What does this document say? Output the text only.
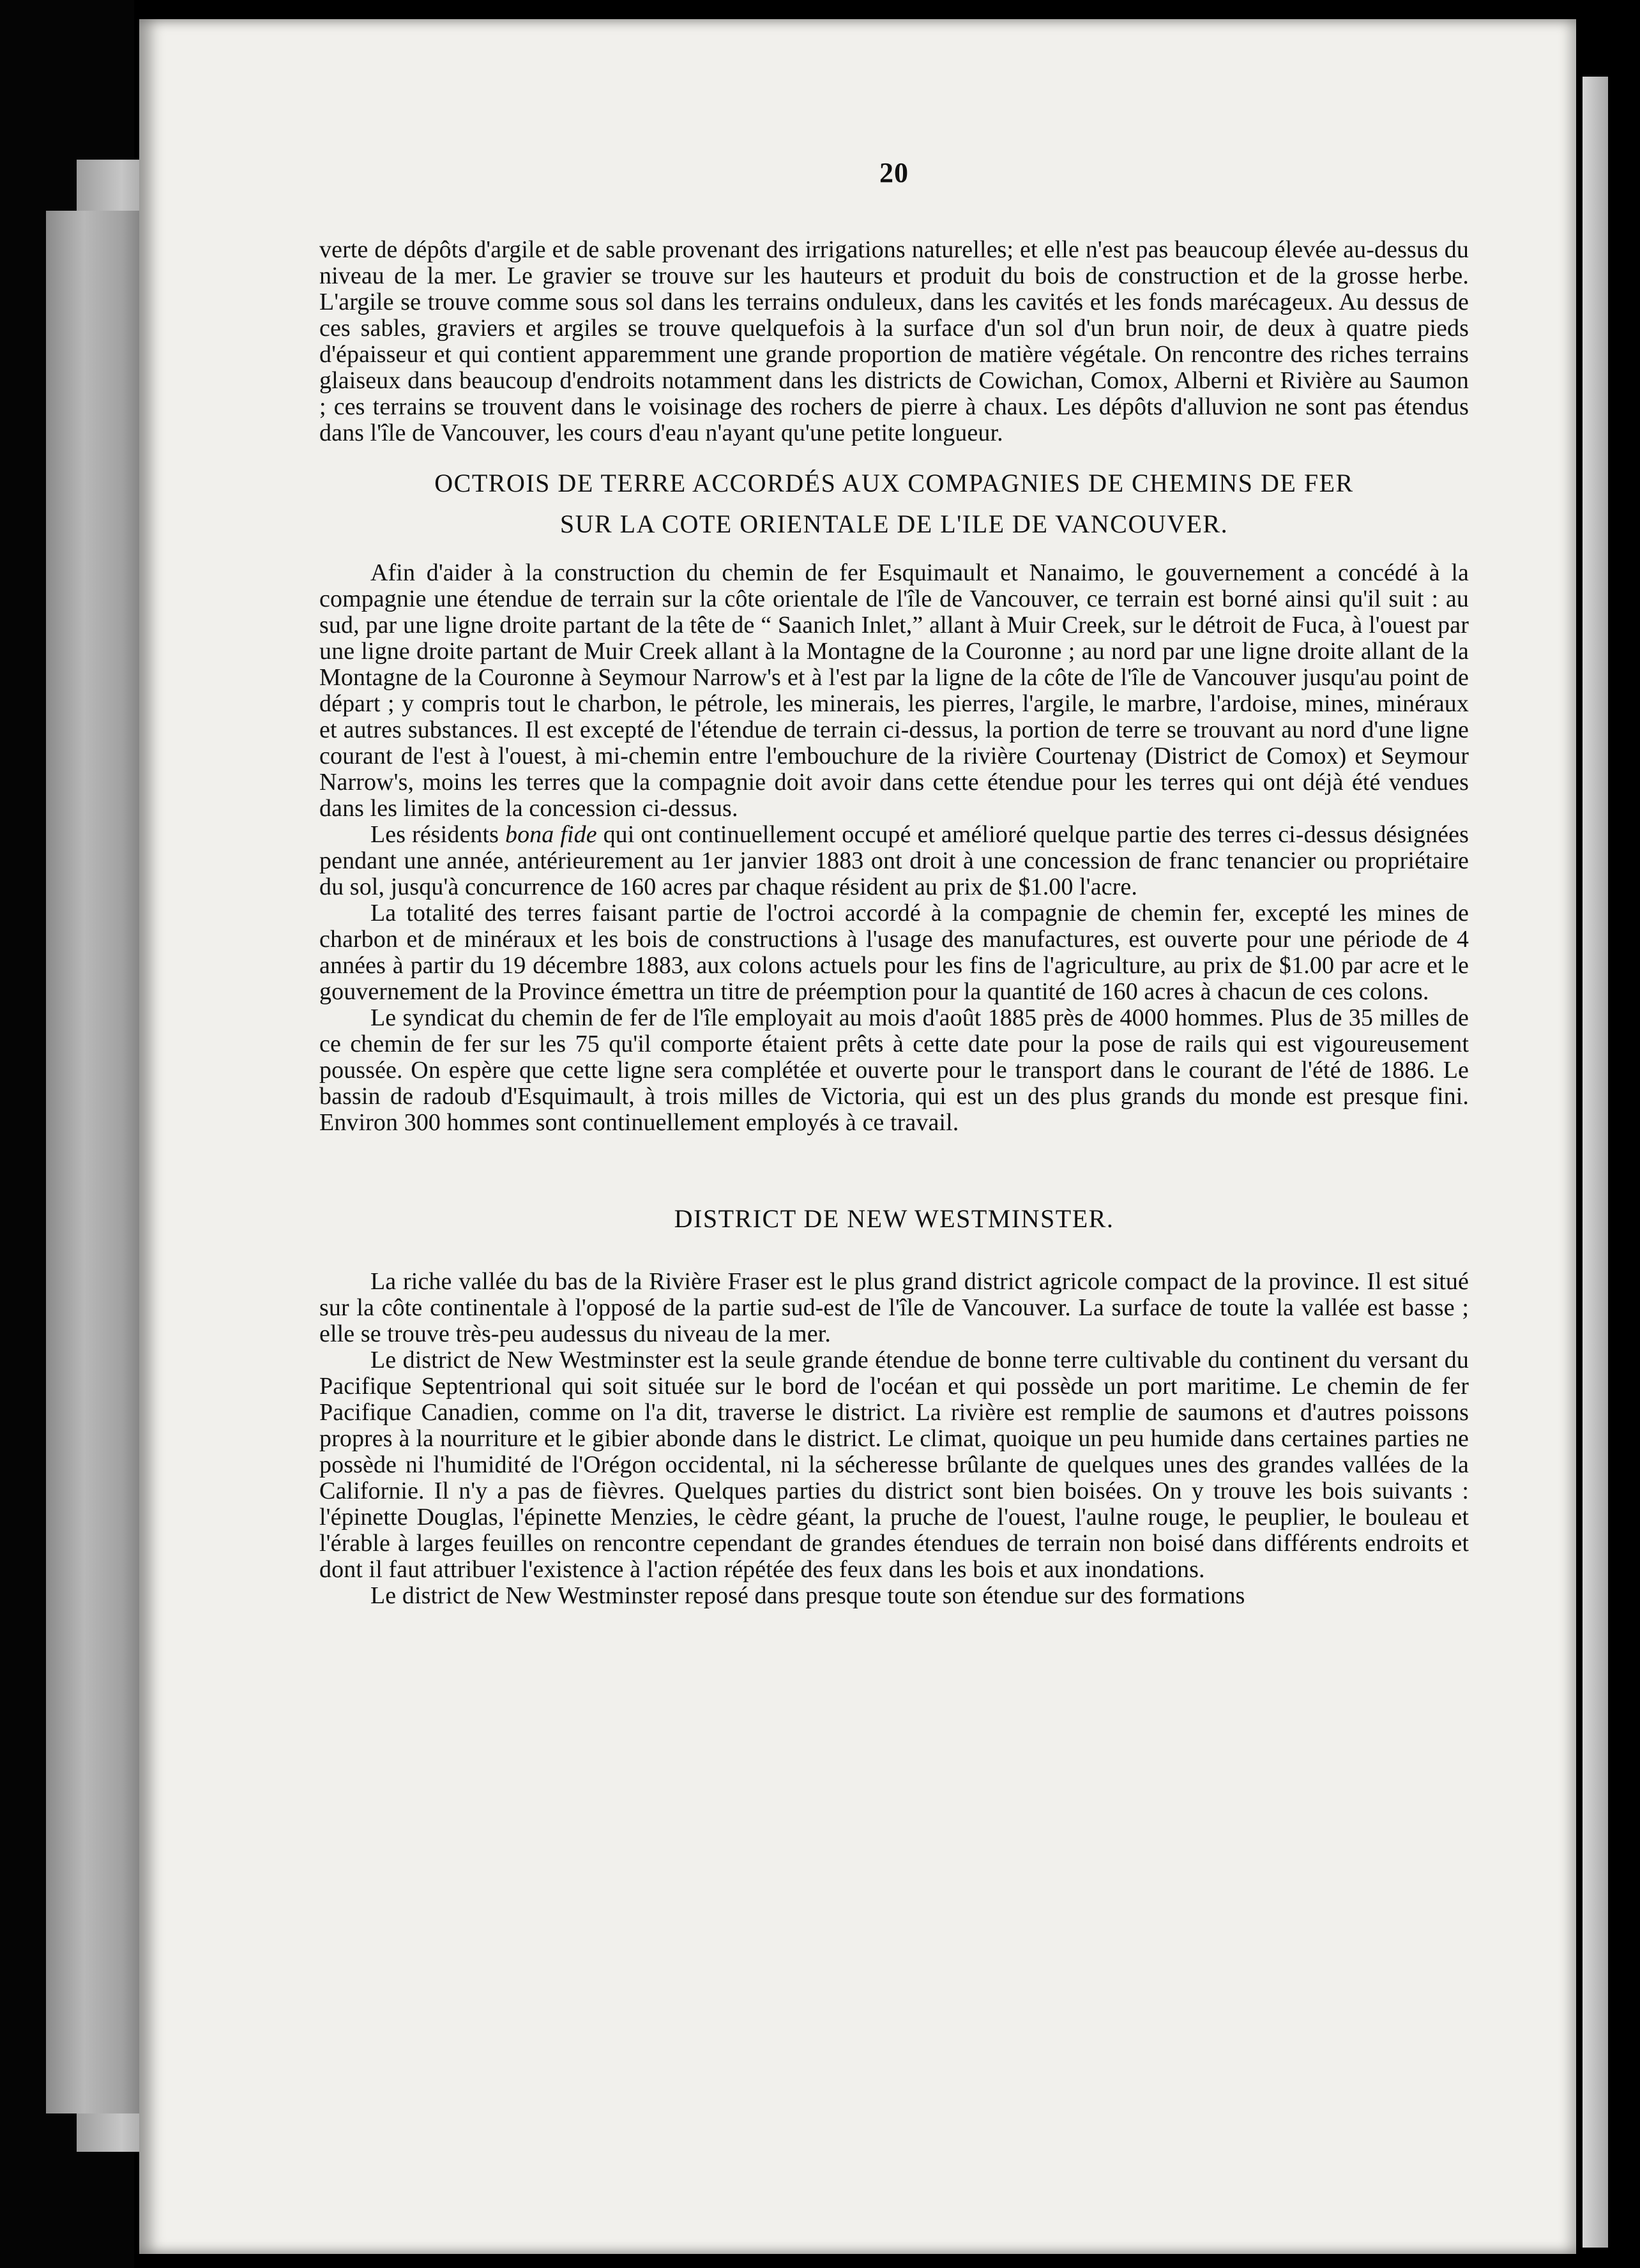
20

verte de dépôts d'argile et de sable provenant des irrigations naturelles; et elle n'est pas beaucoup élevée au-dessus du niveau de la mer. Le gravier se trouve sur les hauteurs et produit du bois de construction et de la grosse herbe. L'argile se trouve comme sous sol dans les terrains onduleux, dans les cavités et les fonds marécageux. Au dessus de ces sables, graviers et argiles se trouve quelquefois à la surface d'un sol d'un brun noir, de deux à quatre pieds d'épaisseur et qui contient apparemment une grande proportion de matière végétale. On rencontre des riches terrains glaiseux dans beaucoup d'endroits notamment dans les districts de Cowichan, Comox, Alberni et Rivière au Saumon ; ces terrains se trouvent dans le voisinage des rochers de pierre à chaux. Les dépôts d'alluvion ne sont pas étendus dans l'île de Vancouver, les cours d'eau n'ayant qu'une petite longueur.

OCTROIS DE TERRE ACCORDÉS AUX COMPAGNIES DE CHEMINS DE FER
SUR LA COTE ORIENTALE DE L'ILE DE VANCOUVER.

Afin d'aider à la construction du chemin de fer Esquimault et Nanaimo, le gouvernement a concédé à la compagnie une étendue de terrain sur la côte orientale de l'île de Vancouver, ce terrain est borné ainsi qu'il suit : au sud, par une ligne droite partant de la tête de “ Saanich Inlet,” allant à Muir Creek, sur le détroit de Fuca, à l'ouest par une ligne droite partant de Muir Creek allant à la Montagne de la Couronne ; au nord par une ligne droite allant de la Montagne de la Couronne à Seymour Narrow's et à l'est par la ligne de la côte de l'île de Vancouver jusqu'au point de départ ; y compris tout le charbon, le pétrole, les minerais, les pierres, l'argile, le marbre, l'ardoise, mines, minéraux et autres substances. Il est excepté de l'étendue de terrain ci-dessus, la portion de terre se trouvant au nord d'une ligne courant de l'est à l'ouest, à mi-chemin entre l'embouchure de la rivière Courtenay (District de Comox) et Seymour Narrow's, moins les terres que la compagnie doit avoir dans cette étendue pour les terres qui ont déjà été vendues dans les limites de la concession ci-dessus.

Les résidents bona fide qui ont continuellement occupé et amélioré quelque partie des terres ci-dessus désignées pendant une année, antérieurement au 1er janvier 1883 ont droit à une concession de franc tenancier ou propriétaire du sol, jusqu'à concurrence de 160 acres par chaque résident au prix de $1.00 l'acre.

La totalité des terres faisant partie de l'octroi accordé à la compagnie de chemin fer, excepté les mines de charbon et de minéraux et les bois de constructions à l'usage des manufactures, est ouverte pour une période de 4 années à partir du 19 décembre 1883, aux colons actuels pour les fins de l'agriculture, au prix de $1.00 par acre et le gouvernement de la Province émettra un titre de préemption pour la quantité de 160 acres à chacun de ces colons.

Le syndicat du chemin de fer de l'île employait au mois d'août 1885 près de 4000 hommes. Plus de 35 milles de ce chemin de fer sur les 75 qu'il comporte étaient prêts à cette date pour la pose de rails qui est vigoureusement poussée. On espère que cette ligne sera complétée et ouverte pour le transport dans le courant de l'été de 1886. Le bassin de radoub d'Esquimault, à trois milles de Victoria, qui est un des plus grands du monde est presque fini. Environ 300 hommes sont continuellement employés à ce travail.

DISTRICT DE NEW WESTMINSTER.

La riche vallée du bas de la Rivière Fraser est le plus grand district agricole compact de la province. Il est situé sur la côte continentale à l'opposé de la partie sud-est de l'île de Vancouver. La surface de toute la vallée est basse ; elle se trouve très-peu audessus du niveau de la mer.

Le district de New Westminster est la seule grande étendue de bonne terre cultivable du continent du versant du Pacifique Septentrional qui soit située sur le bord de l'océan et qui possède un port maritime. Le chemin de fer Pacifique Canadien, comme on l'a dit, traverse le district. La rivière est remplie de saumons et d'autres poissons propres à la nourriture et le gibier abonde dans le district. Le climat, quoique un peu humide dans certaines parties ne possède ni l'humidité de l'Orégon occidental, ni la sécheresse brûlante de quelques unes des grandes vallées de la Californie. Il n'y a pas de fièvres. Quelques parties du district sont bien boisées. On y trouve les bois suivants : l'épinette Douglas, l'épinette Menzies, le cèdre géant, la pruche de l'ouest, l'aulne rouge, le peuplier, le bouleau et l'érable à larges feuilles on rencontre cependant de grandes étendues de terrain non boisé dans différents endroits et dont il faut attribuer l'existence à l'action répétée des feux dans les bois et aux inondations.

Le district de New Westminster reposé dans presque toute son étendue sur des formations
